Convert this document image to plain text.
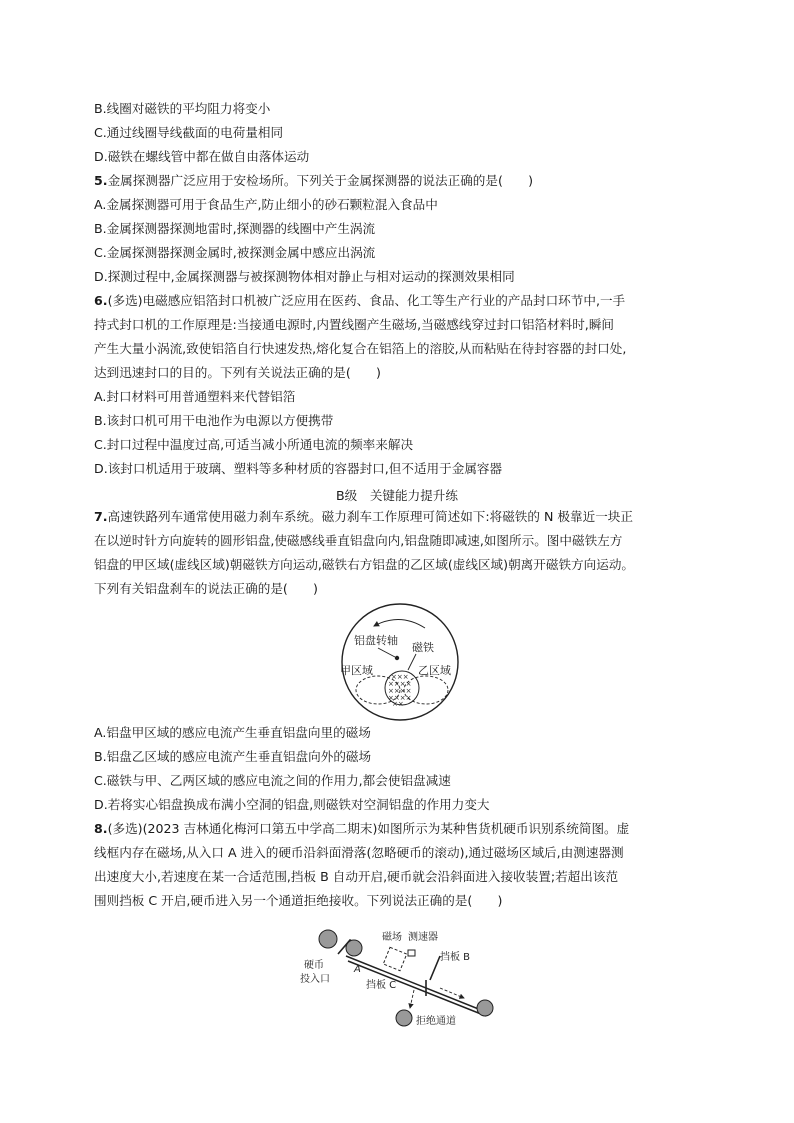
B.线圈对磁铁的平均阻力将变小
C.通过线圈导线截面的电荷量相同
D.磁铁在螺线管中都在做自由落体运动
5.金属探测器广泛应用于安检场所。下列关于金属探测器的说法正确的是(　　)
A.金属探测器可用于食品生产,防止细小的砂石颗粒混入食品中
B.金属探测器探测地雷时,探测器的线圈中产生涡流
C.金属探测器探测金属时,被探测金属中感应出涡流
D.探测过程中,金属探测器与被探测物体相对静止与相对运动的探测效果相同
6.(多选)电磁感应铝箔封口机被广泛应用在医药、食品、化工等生产行业的产品封口环节中,一手
持式封口机的工作原理是:当接通电源时,内置线圈产生磁场,当磁感线穿过封口铝箔材料时,瞬间
产生大量小涡流,致使铝箔自行快速发热,熔化复合在铝箔上的溶胶,从而粘贴在待封容器的封口处,
达到迅速封口的目的。下列有关说法正确的是(　　)
A.封口材料可用普通塑料来代替铝箔
B.该封口机可用干电池作为电源以方便携带
C.封口过程中温度过高,可适当减小所通电流的频率来解决
D.该封口机适用于玻璃、塑料等多种材质的容器封口,但不适用于金属容器
B级　关键能力提升练
7.高速铁路列车通常使用磁力刹车系统。磁力刹车工作原理可简述如下:将磁铁的 N 极靠近一块正
在以逆时针方向旋转的圆形铝盘,使磁感线垂直铝盘向内,铝盘随即减速,如图所示。图中磁铁左方
铝盘的甲区域(虚线区域)朝磁铁方向运动,磁铁右方铝盘的乙区域(虚线区域)朝离开磁铁方向运动。
下列有关铝盘刹车的说法正确的是(　　)
铝盘转轴
磁铁
甲区域	乙区域
×××
××××
××××
××××
××
A.铝盘甲区域的感应电流产生垂直铝盘向里的磁场
B.铝盘乙区域的感应电流产生垂直铝盘向外的磁场
C.磁铁与甲、乙两区域的感应电流之间的作用力,都会使铝盘减速
D.若将实心铝盘换成布满小空洞的铝盘,则磁铁对空洞铝盘的作用力变大
8.(多选)(2023 吉林通化梅河口第五中学高二期末)如图所示为某种售货机硬币识别系统简图。虚
线框内存在磁场,从入口 A 进入的硬币沿斜面滑落(忽略硬币的滚动),通过磁场区域后,由测速器测
出速度大小,若速度在某一合适范围,挡板 B 自动开启,硬币就会沿斜面进入接收装置;若超出该范
围则挡板 C 开启,硬币进入另一个通道拒绝接收。下列说法正确的是(　　)
硬币
投入口
A
磁场 测速器
挡板 B
挡板 C
拒绝通道
